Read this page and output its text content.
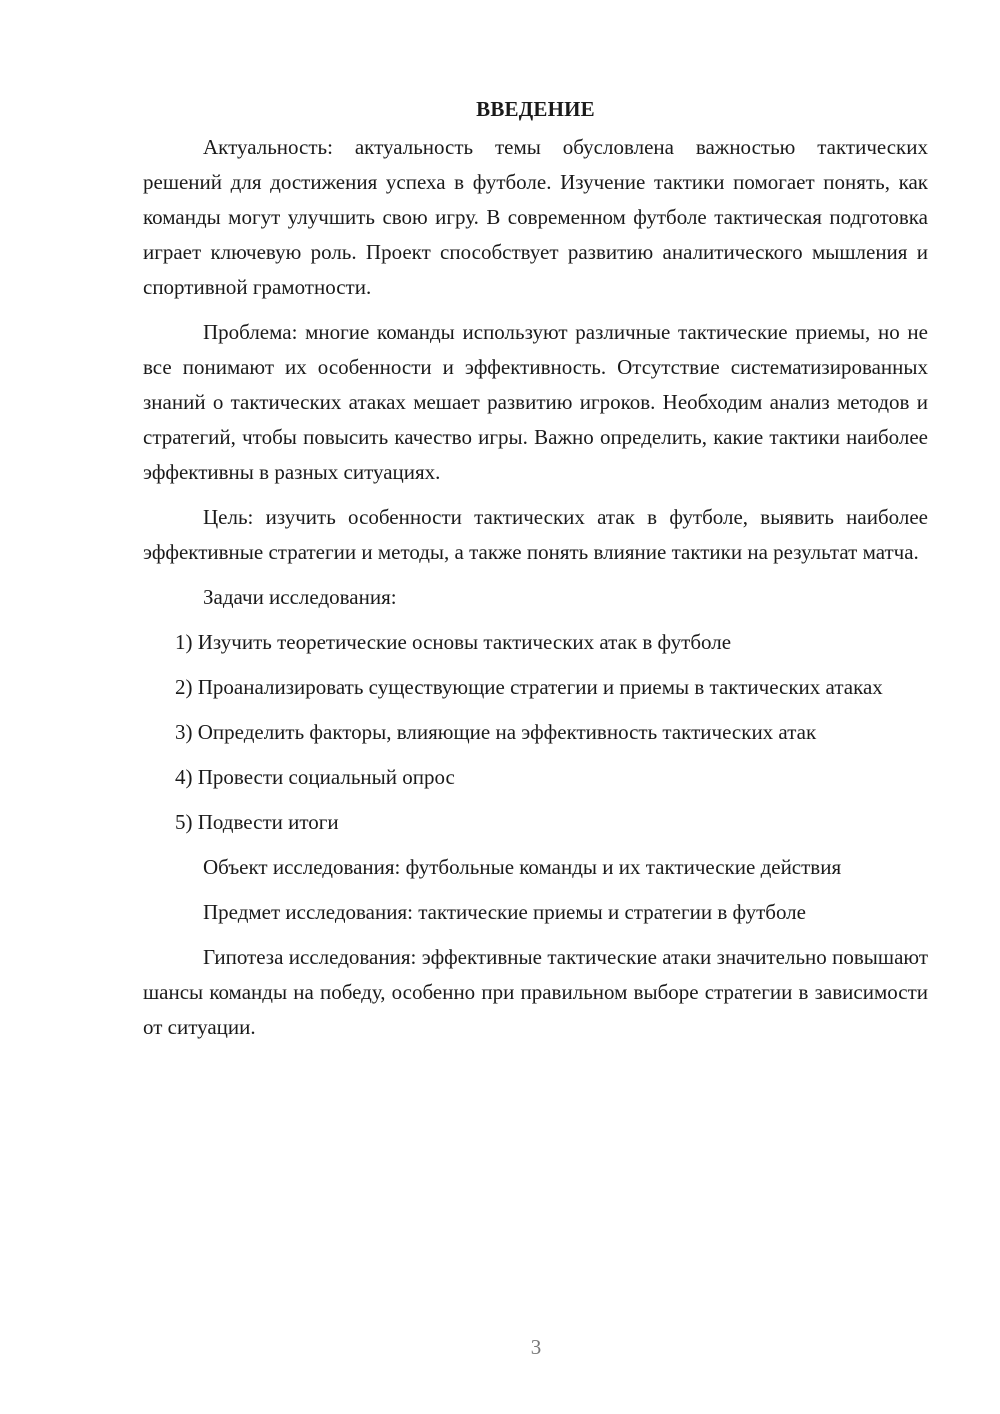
ВВЕДЕНИЕ

Актуальность: актуальность темы обусловлена важностью тактических решений для достижения успеха в футболе. Изучение тактики помогает понять, как команды могут улучшить свою игру. В современном футболе тактическая подготовка играет ключевую роль. Проект способствует развитию аналитического мышления и спортивной грамотности.

Проблема: многие команды используют различные тактические приемы, но не все понимают их особенности и эффективность. Отсутствие систематизированных знаний о тактических атаках мешает развитию игроков. Необходим анализ методов и стратегий, чтобы повысить качество игры. Важно определить, какие тактики наиболее эффективны в разных ситуациях.

Цель: изучить особенности тактических атак в футболе, выявить наиболее эффективные стратегии и методы, а также понять влияние тактики на результат матча.

Задачи исследования:

1) Изучить теоретические основы тактических атак в футболе

2) Проанализировать существующие стратегии и приемы в тактических атаках

3) Определить факторы, влияющие на эффективность тактических атак

4) Провести социальный опрос

5) Подвести итоги

Объект исследования: футбольные команды и их тактические действия

Предмет исследования: тактические приемы и стратегии в футболе

Гипотеза исследования: эффективные тактические атаки значительно повышают шансы команды на победу, особенно при правильном выборе стратегии в зависимости от ситуации.

3
